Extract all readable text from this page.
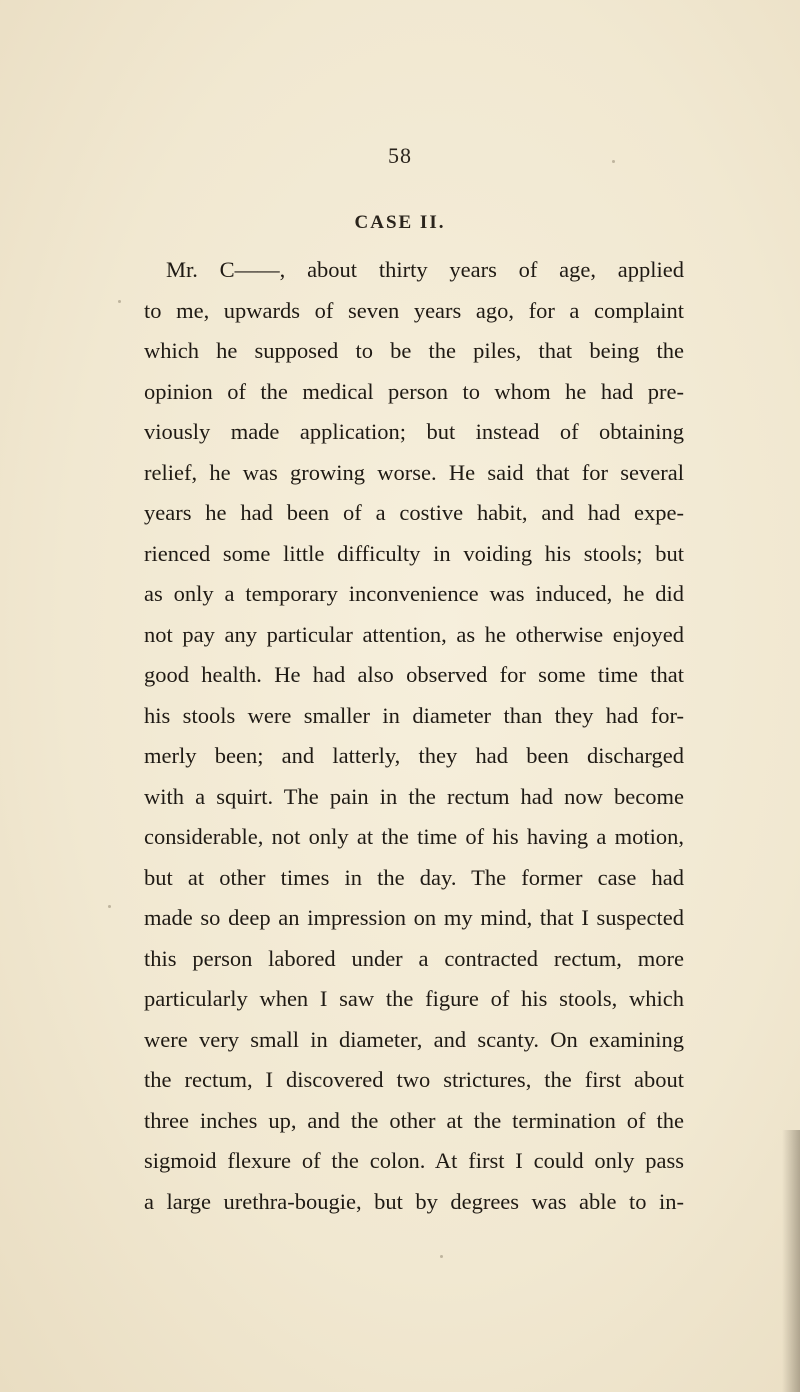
58
CASE II.
Mr. C——, about thirty years of age, applied
to me, upwards of seven years ago, for a complaint
which he supposed to be the piles, that being the
opinion of the medical person to whom he had pre-
viously made application; but instead of obtaining
relief, he was growing worse. He said that for several
years he had been of a costive habit, and had expe-
rienced some little difficulty in voiding his stools; but
as only a temporary inconvenience was induced, he did
not pay any particular attention, as he otherwise enjoyed
good health. He had also observed for some time that
his stools were smaller in diameter than they had for-
merly been; and latterly, they had been discharged
with a squirt. The pain in the rectum had now become
considerable, not only at the time of his having a motion,
but at other times in the day. The former case had
made so deep an impression on my mind, that I suspected
this person labored under a contracted rectum, more
particularly when I saw the figure of his stools, which
were very small in diameter, and scanty. On examining
the rectum, I discovered two strictures, the first about
three inches up, and the other at the termination of the
sigmoid flexure of the colon. At first I could only pass
a large urethra-bougie, but by degrees was able to in-
